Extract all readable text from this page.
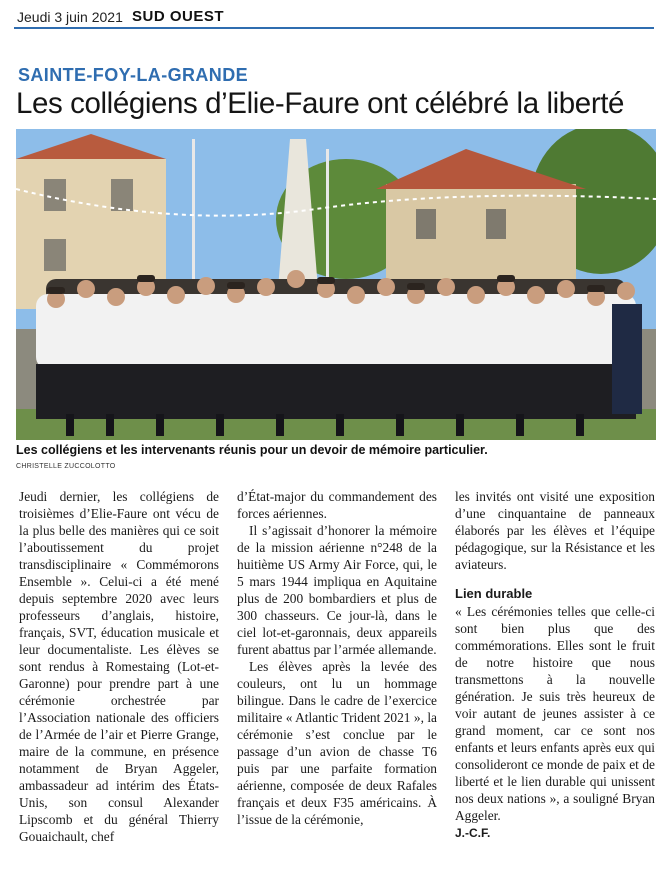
Jeudi 3 juin 2021 SUD OUEST
SAINTE-FOY-LA-GRANDE
Les collégiens d’Elie-Faure ont célébré la liberté
Les collégiens et les intervenants réunis pour un devoir de mémoire particulier.
CHRISTELLE ZUCCOLOTTO

Jeudi dernier, les collégiens de troisièmes d’Elie-Faure ont vécu de la plus belle des manières qui ce soit l’aboutissement du projet transdisciplinaire « Commémorons Ensemble ». Celui-ci a été mené depuis septembre 2020 avec leurs professeurs d’anglais, histoire, français, SVT, éducation musicale et leur documentaliste. Les élèves se sont rendus à Romestaing (Lot-et-Garonne) pour prendre part à une cérémonie orchestrée par l’Association nationale des officiers de l’Armée de l’air et Pierre Grange, maire de la commune, en présence notamment de Bryan Aggeler, ambassadeur ad intérim des États-Unis, son consul Alexander Lipscomb et du général Thierry Gouaichault, chef

d’État-major du commandement des forces aériennes.

Il s’agissait d’honorer la mémoire de la mission aérienne n°248 de la huitième US Army Air Force, qui, le 5 mars 1944 impliqua en Aquitaine plus de 200 bombardiers et plus de 300 chasseurs. Ce jour-là, dans le ciel lot-et-garonnais, deux appareils furent abattus par l’armée allemande.

Les élèves après la levée des couleurs, ont lu un hommage bilingue. Dans le cadre de l’exercice militaire « Atlantic Trident 2021 », la cérémonie s’est conclue par le passage d’un avion de chasse T6 puis par une parfaite formation aérienne, composée de deux Rafales français et deux F35 américains. À l’issue de la cérémonie,

les invités ont visité une exposition d’une cinquantaine de panneaux élaborés par les élèves et l’équipe pédagogique, sur la Résistance et les aviateurs.

Lien durable

« Les cérémonies telles que celle-ci sont bien plus que des commémorations. Elles sont le fruit de notre histoire que nous transmettons à la nouvelle génération. Je suis très heureux de voir autant de jeunes assister à ce grand moment, car ce sont nos enfants et leurs enfants après eux qui consolideront ce monde de paix et de liberté et le lien durable qui unissent nos deux nations », a souligné Bryan Aggeler.

J.-C.F.
